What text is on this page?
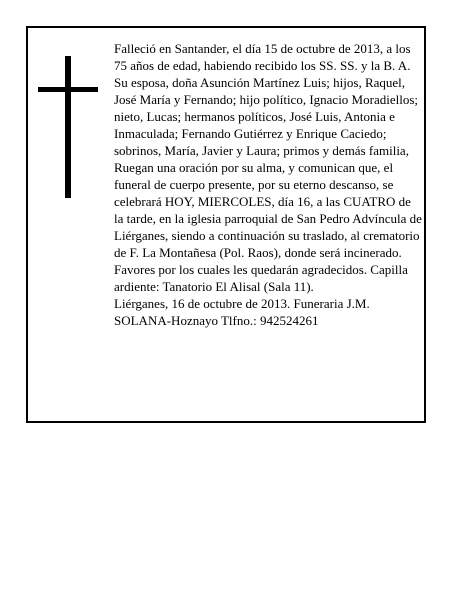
Falleció en Santander, el día 15 de octubre de 2013, a los 75 años de edad, habiendo recibido los SS. SS. y la B. A.

Su esposa, doña Asunción Martínez Luis; hijos, Raquel, José María y Fernando; hijo político, Ignacio Moradiellos; nieto, Lucas; hermanos políticos, José Luis, Antonia e Inmaculada; Fernando Gutiérrez y Enrique Caciedo; sobrinos, María, Javier y Laura; primos y demás familia,

Ruegan una oración por su alma, y comunican que, el funeral de cuerpo presente, por su eterno descanso, se celebrará HOY, MIERCOLES, día 16, a las CUATRO de la tarde, en la iglesia parroquial de San Pedro Advíncula de Liérganes, siendo a continuación su traslado, al crematorio de F. La Montañesa (Pol. Raos), donde será incinerado. Favores por los cuales les quedarán agradecidos. Capilla ardiente: Tanatorio El Alisal (Sala 11).

Liérganes, 16 de octubre de 2013. Funeraria J.M. SOLANA-Hoznayo Tlfno.: 942524261
